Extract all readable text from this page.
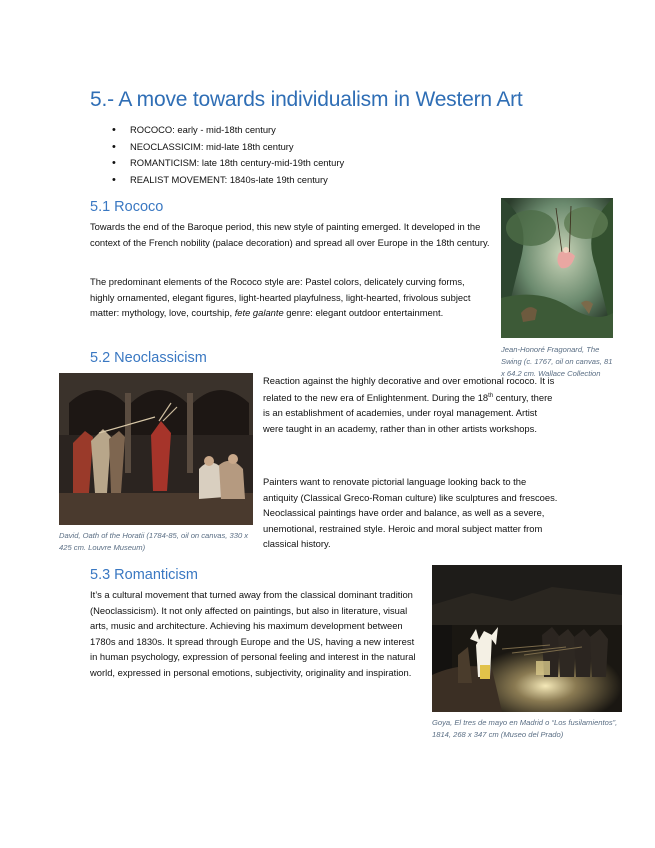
5.- A move towards individualism in Western Art
• ROCOCO: early - mid-18th century
• NEOCLASSICIM: mid-late 18th century
• ROMANTICISM: late 18th century-mid-19th century
• REALIST MOVEMENT: 1840s-late 19th century
5.1 Rococo

Towards the end of the Baroque period, this new style of painting emerged. It developed in the context of the French nobility (palace decoration) and spread all over Europe in the 18th century.

The predominant elements of the Rococo style are: Pastel colors, delicately curving forms, highly ornamented, elegant figures, light-hearted playfulness, light-hearted, frivolous subject matter: mythology, love, courtship, fete galante genre: elegant outdoor entertainment.

Jean-Honoré Fragonard, The Swing (c. 1767, oil on canvas, 81 x 64.2 cm. Wallace Collection
5.2 Neoclassicism
David, Oath of the Horatii (1784-85, oil on canvas, 330 x 425 cm. Louvre Museum)

Reaction against the highly decorative and over emotional rococo. It is related to the new era of Enlightenment. During the 18th century, there is an establishment of academies, under royal management. Artist were taught in an academy, rather than in other artists workshops.

Painters want to renovate pictorial language looking back to the antiquity (Classical Greco-Roman culture) like sculptures and frescoes. Neoclassical paintings have order and balance, as well as a severe, unemotional, restrained style. Heroic and moral subject matter from classical history.

5.3 Romanticism

It’s a cultural movement that turned away from the classical dominant tradition (Neoclassicism). It not only affected on paintings, but also in literature, visual arts, music and architecture. Achieving his maximum development between 1780s and 1830s. It spread through Europe and the US, having a new interest in human psychology, expression of personal feeling and interest in the natural world, expressed in personal emotions, subjectivity, originality and inspiration.

Goya, El tres de mayo en Madrid o “Los fusilamientos”, 1814, 268 x 347 cm (Museo del Prado)
